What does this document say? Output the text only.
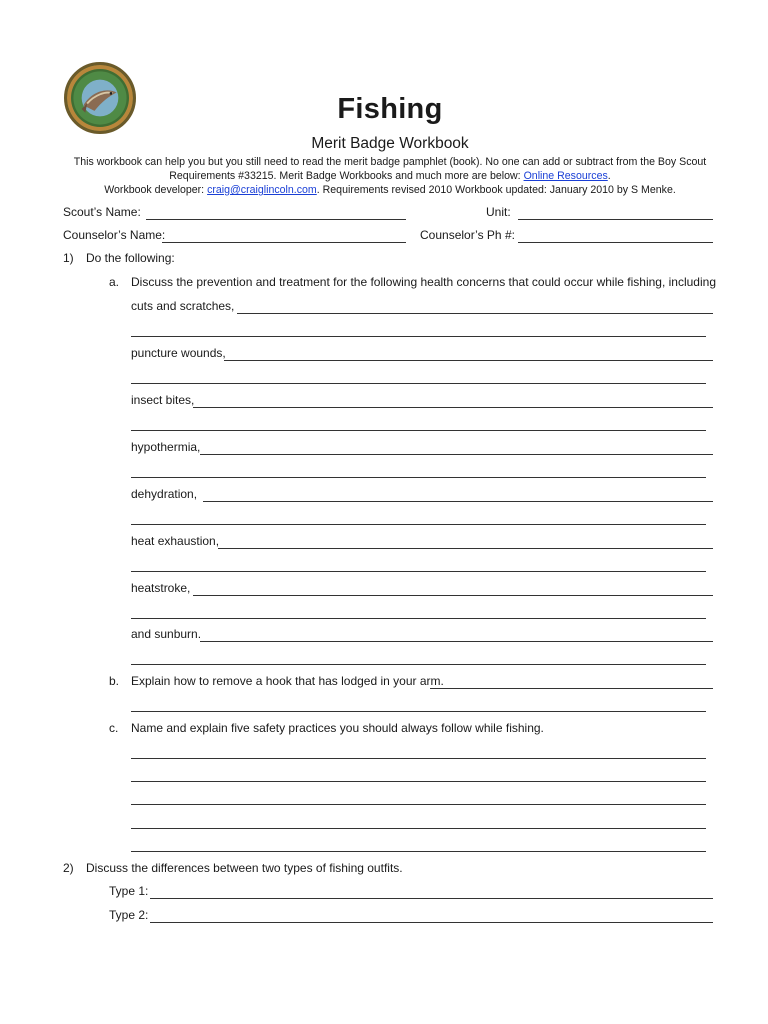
Fishing
Merit Badge Workbook
This workbook can help you but you still need to read the merit badge pamphlet (book). No one can add or subtract from the Boy Scout
Requirements #33215. Merit Badge Workbooks and much more are below: Online Resources.
Workbook developer: craig@craiglincoln.com. Requirements revised 2010 Workbook updated: January 2010 by S Menke.
Scout’s Name:	Unit:
Counselor’s Name:	Counselor’s Ph #:
1) Do the following:
a. Discuss the prevention and treatment for the following health concerns that could occur while fishing, including
cuts and scratches,
puncture wounds,
insect bites,
hypothermia,
dehydration,
heat exhaustion,
heatstroke,
and sunburn.
b. Explain how to remove a hook that has lodged in your arm.
c. Name and explain five safety practices you should always follow while fishing.
2) Discuss the differences between two types of fishing outfits.
Type 1:
Type 2:
